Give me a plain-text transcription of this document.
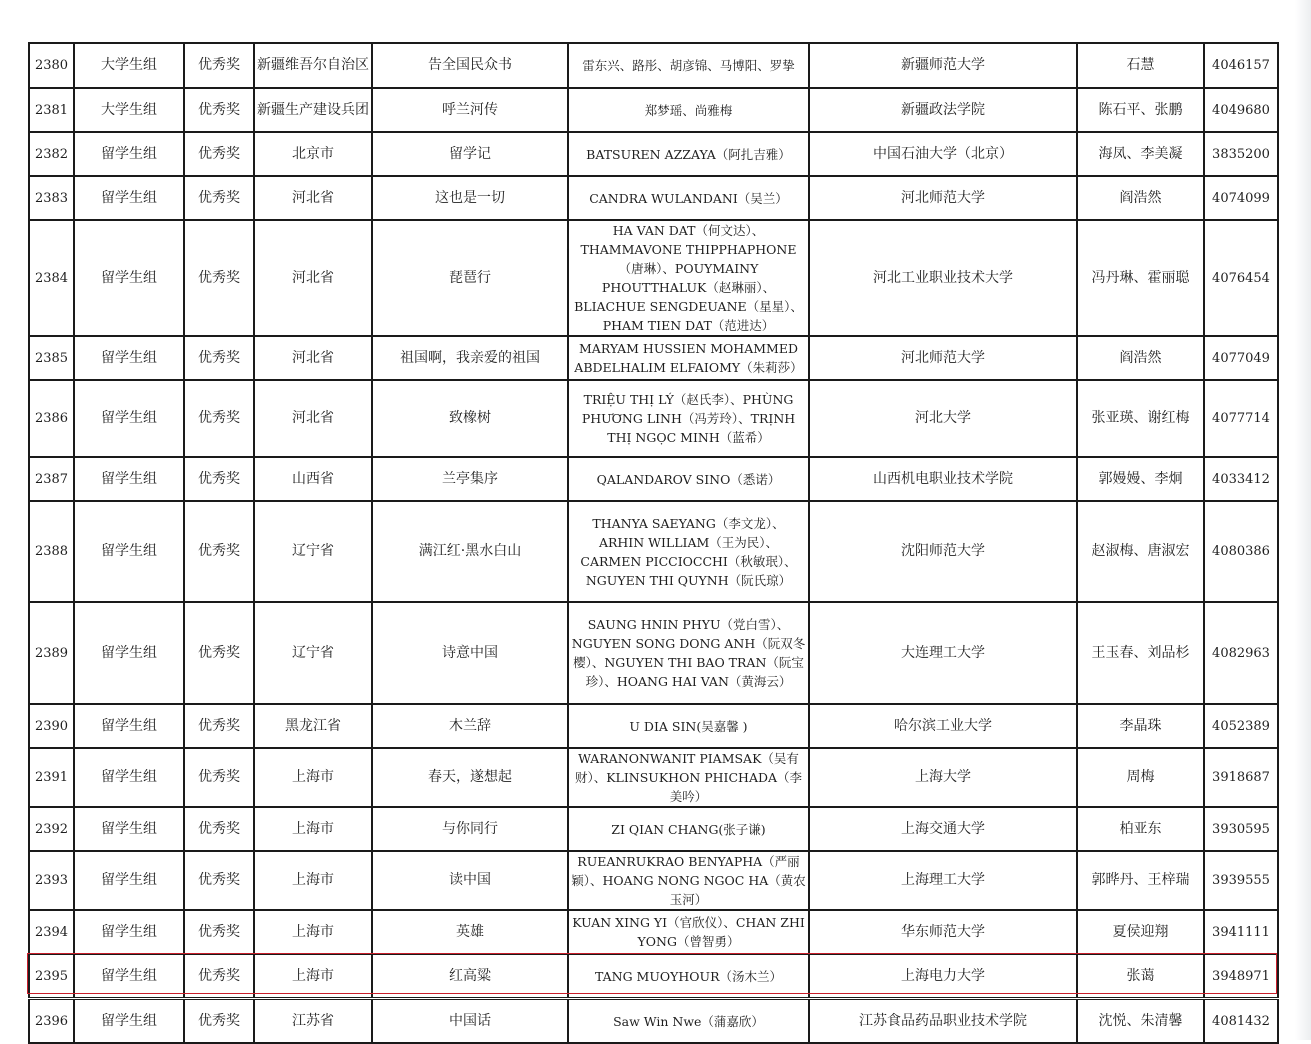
2380	大学生组	优秀奖	新疆维吾尔自治区	告全国民众书	雷东兴、路彤、胡彦锦、马博阳、罗挚	新疆师范大学	石慧	4046157
2381	大学生组	优秀奖	新疆生产建设兵团	呼兰河传	郑梦瑶、尚雅梅	新疆政法学院	陈石平、张鹏	4049680
2382	留学生组	优秀奖	北京市	留学记	BATSUREN AZZAYA（阿扎吉雅）	中国石油大学（北京）	海凤、李美凝	3835200
2383	留学生组	优秀奖	河北省	这也是一切	CANDRA WULANDANI（吴兰）	河北师范大学	阎浩然	4074099
2384	留学生组	优秀奖	河北省	琵琶行	HA VAN DAT（何文达）、THAMMAVONE THIPPHAPHONE（唐琳）、POUYMAINY PHOUTTHALUK（赵琳丽）、BLIACHUE SENGDEUANE（星星）、PHAM TIEN DAT（范进达）	河北工业职业技术大学	冯丹琳、霍丽聪	4076454
2385	留学生组	优秀奖	河北省	祖国啊，我亲爱的祖国	MARYAM HUSSIEN MOHAMMED ABDELHALIM ELFAIOMY（朱莉莎）	河北师范大学	阎浩然	4077049
2386	留学生组	优秀奖	河北省	致橡树	TRIỆU THỊ LÝ（赵氏李）、PHÙNG PHƯƠNG LINH（冯芳玲）、TRỊNH THỊ NGỌC MINH（蓝希）	河北大学	张亚瑛、谢红梅	4077714
2387	留学生组	优秀奖	山西省	兰亭集序	QALANDAROV SINO（悉诺）	山西机电职业技术学院	郭嫚嫚、李炯	4033412
2388	留学生组	优秀奖	辽宁省	满江红·黑水白山	THANYA SAEYANG（李文龙）、ARHIN WILLIAM（王为民）、CARMEN PICCIOCCHI（秋敏珉）、NGUYEN THI QUYNH（阮氏琼）	沈阳师范大学	赵淑梅、唐淑宏	4080386
2389	留学生组	优秀奖	辽宁省	诗意中国	SAUNG HNIN PHYU（党白雪）、NGUYEN SONG DONG ANH（阮双冬樱）、NGUYEN THI BAO TRAN（阮宝珍）、HOANG HAI VAN（黄海云）	大连理工大学	王玉春、刘品杉	4082963
2390	留学生组	优秀奖	黑龙江省	木兰辞	U DIA SIN(吴嘉馨 )	哈尔滨工业大学	李晶珠	4052389
2391	留学生组	优秀奖	上海市	春天，遂想起	WARANONWANIT PIAMSAK（吴有财）、KLINSUKHON PHICHADA（李美吟）	上海大学	周梅	3918687
2392	留学生组	优秀奖	上海市	与你同行	ZI QIAN CHANG(张子谦)	上海交通大学	柏亚东	3930595
2393	留学生组	优秀奖	上海市	读中国	RUEANRUKRAO BENYAPHA（严丽颖）、HOANG NONG NGOC HA（黄农玉河）	上海理工大学	郭晔丹、王梓瑞	3939555
2394	留学生组	优秀奖	上海市	英雄	KUAN XING YI（官欣仪）、CHAN ZHI YONG（曾智勇）	华东师范大学	夏侯迎翔	3941111
2395	留学生组	优秀奖	上海市	红高粱	TANG MUOYHOUR（汤木兰）	上海电力大学	张蔼	3948971
2396	留学生组	优秀奖	江苏省	中国话	Saw Win Nwe（蒲嘉欣）	江苏食品药品职业技术学院	沈悦、朱清馨	4081432
